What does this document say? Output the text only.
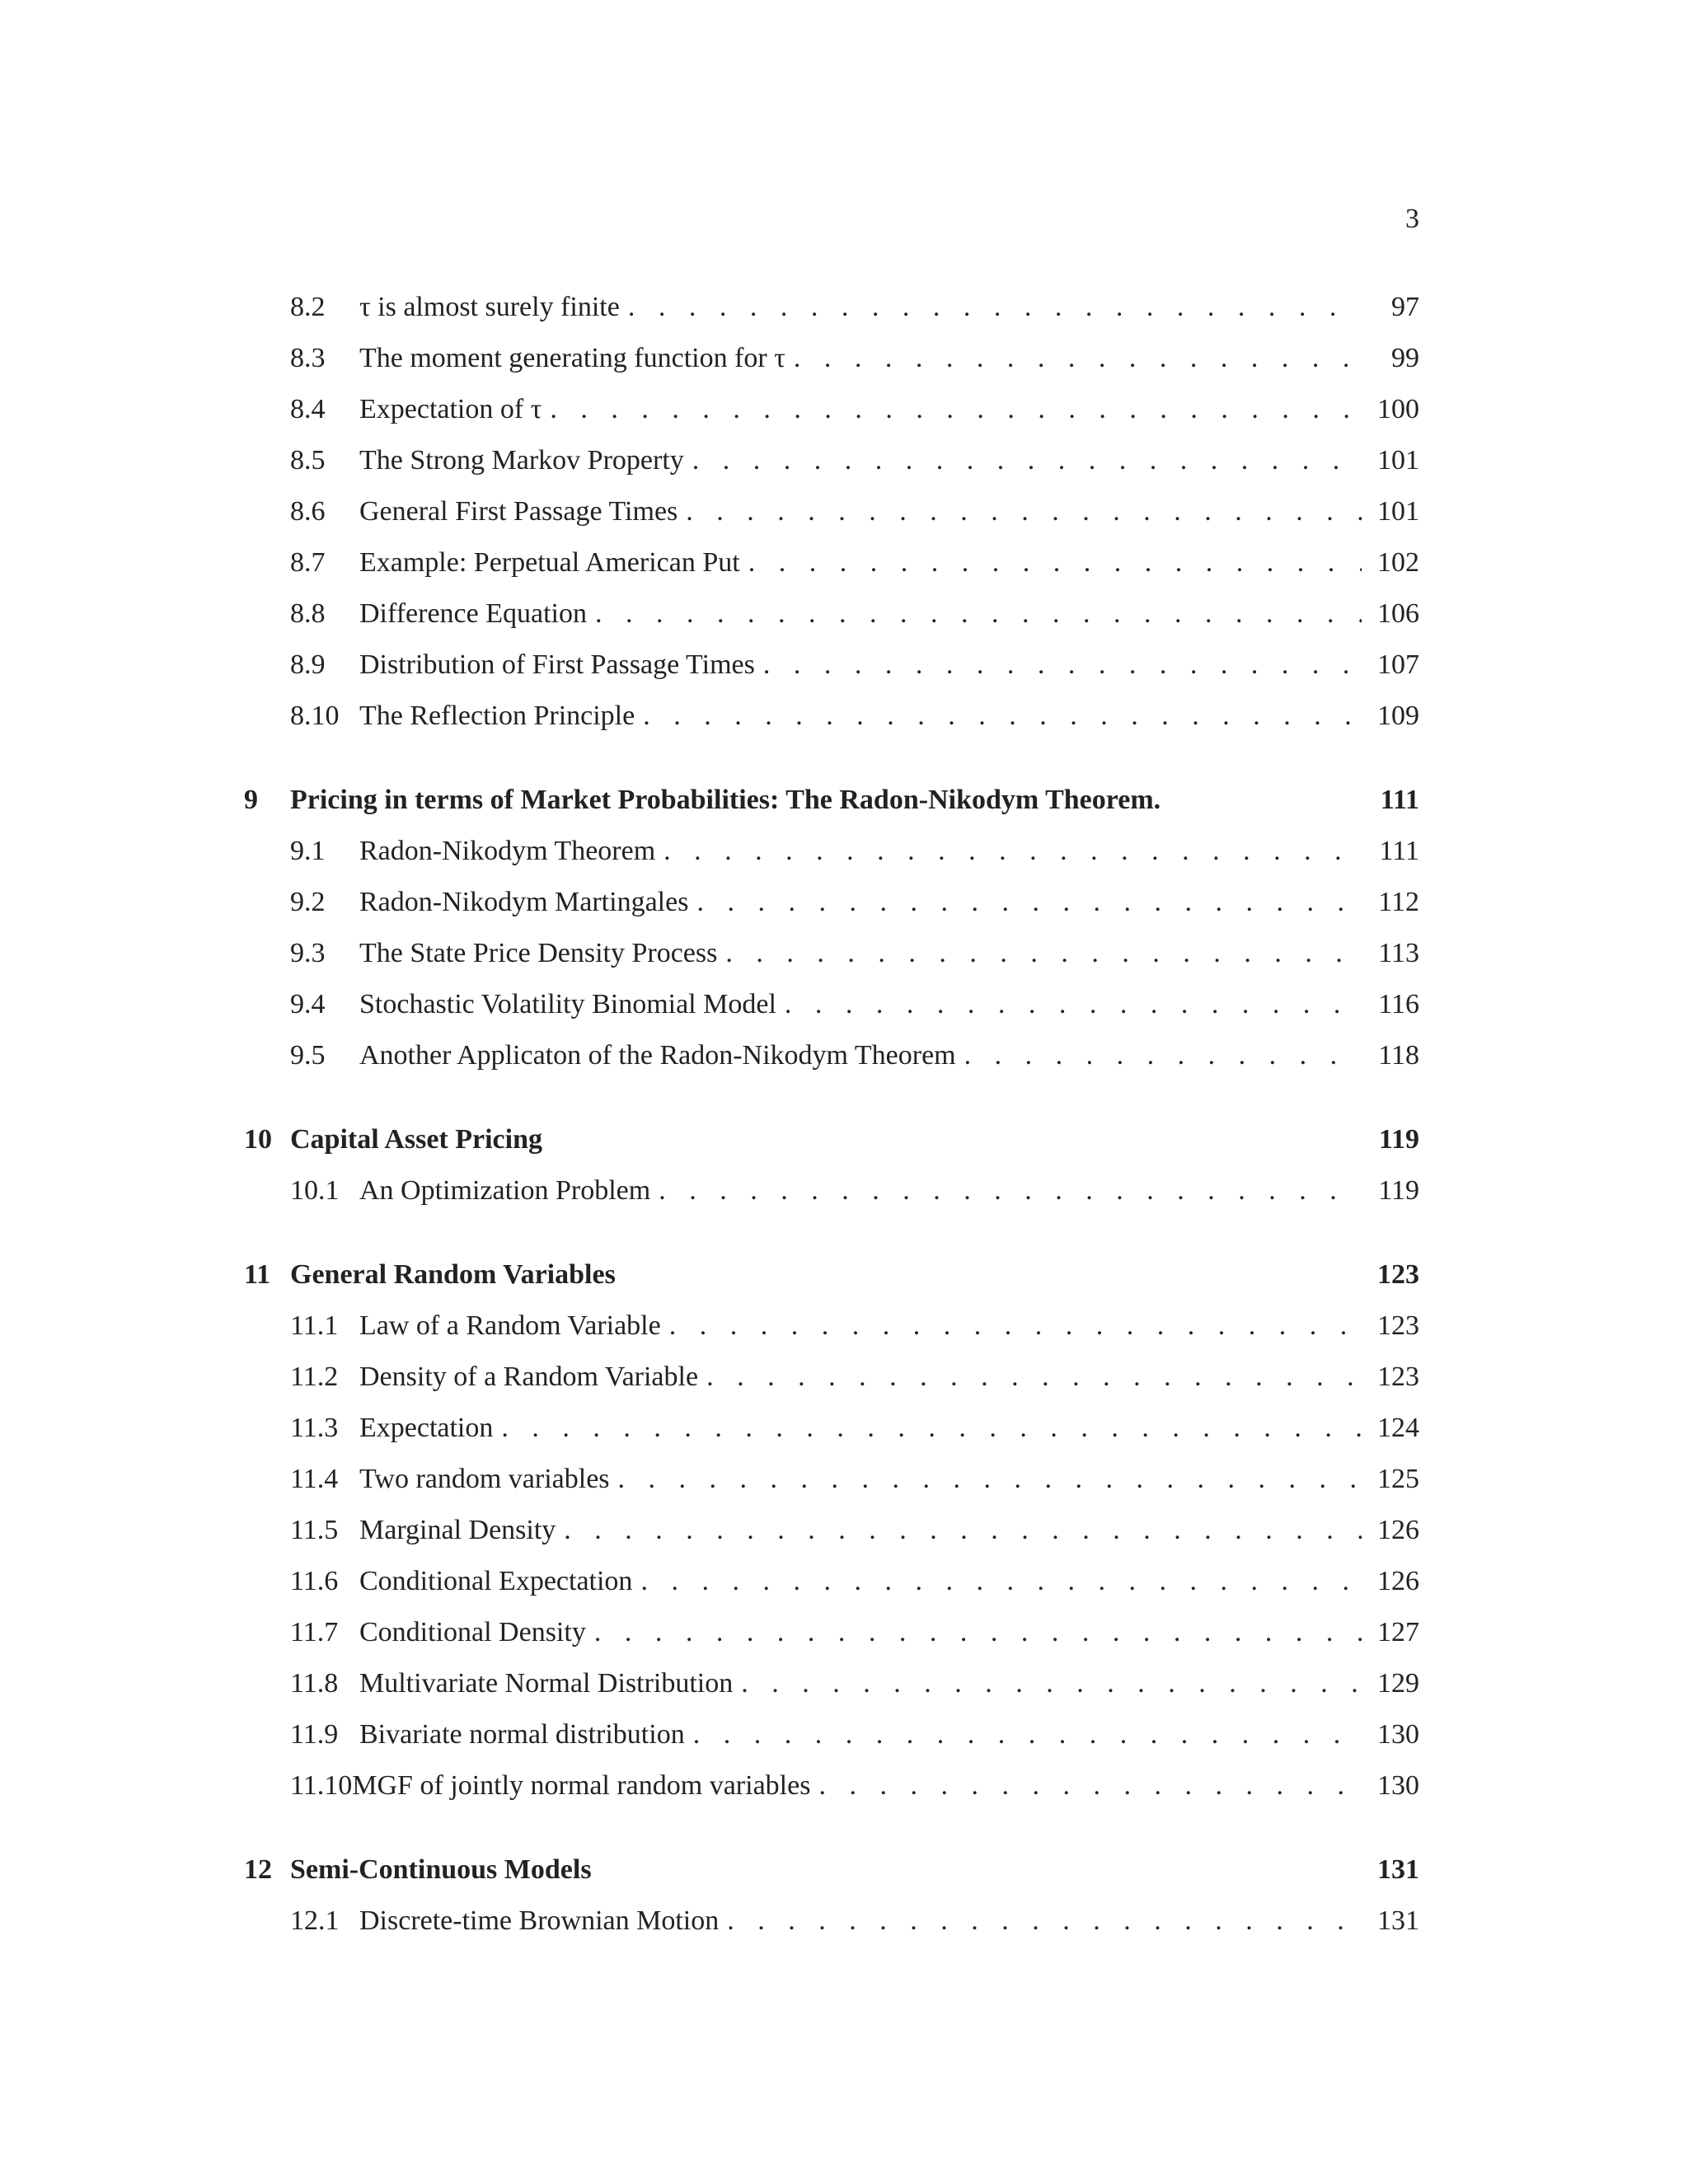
3
8.2	τ is almost surely finite . . .	97
8.3	The moment generating function for τ . . .	99
8.4	Expectation of τ . . .	100
8.5	The Strong Markov Property . . .	101
8.6	General First Passage Times . . .	101
8.7	Example: Perpetual American Put . . .	102
8.8	Difference Equation . . .	106
8.9	Distribution of First Passage Times . . .	107
8.10 The Reflection Principle . . .	109
9	Pricing in terms of Market Probabilities: The Radon-Nikodym Theorem.	111
9.1	Radon-Nikodym Theorem . . .	111
9.2	Radon-Nikodym Martingales . . .	112
9.3	The State Price Density Process . . .	113
9.4	Stochastic Volatility Binomial Model . . .	116
9.5	Another Applicaton of the Radon-Nikodym Theorem . . .	118
10 Capital Asset Pricing	119
10.1 An Optimization Problem . . .	119
11 General Random Variables	123
11.1 Law of a Random Variable . . .	123
11.2 Density of a Random Variable . . .	123
11.3 Expectation . . .	124
11.4 Two random variables . . .	125
11.5 Marginal Density . . .	126
11.6 Conditional Expectation . . .	126
11.7 Conditional Density . . .	127
11.8 Multivariate Normal Distribution . . .	129
11.9 Bivariate normal distribution . . .	130
11.10 MGF of jointly normal random variables . . .	130
12 Semi-Continuous Models	131
12.1 Discrete-time Brownian Motion . . .	131
